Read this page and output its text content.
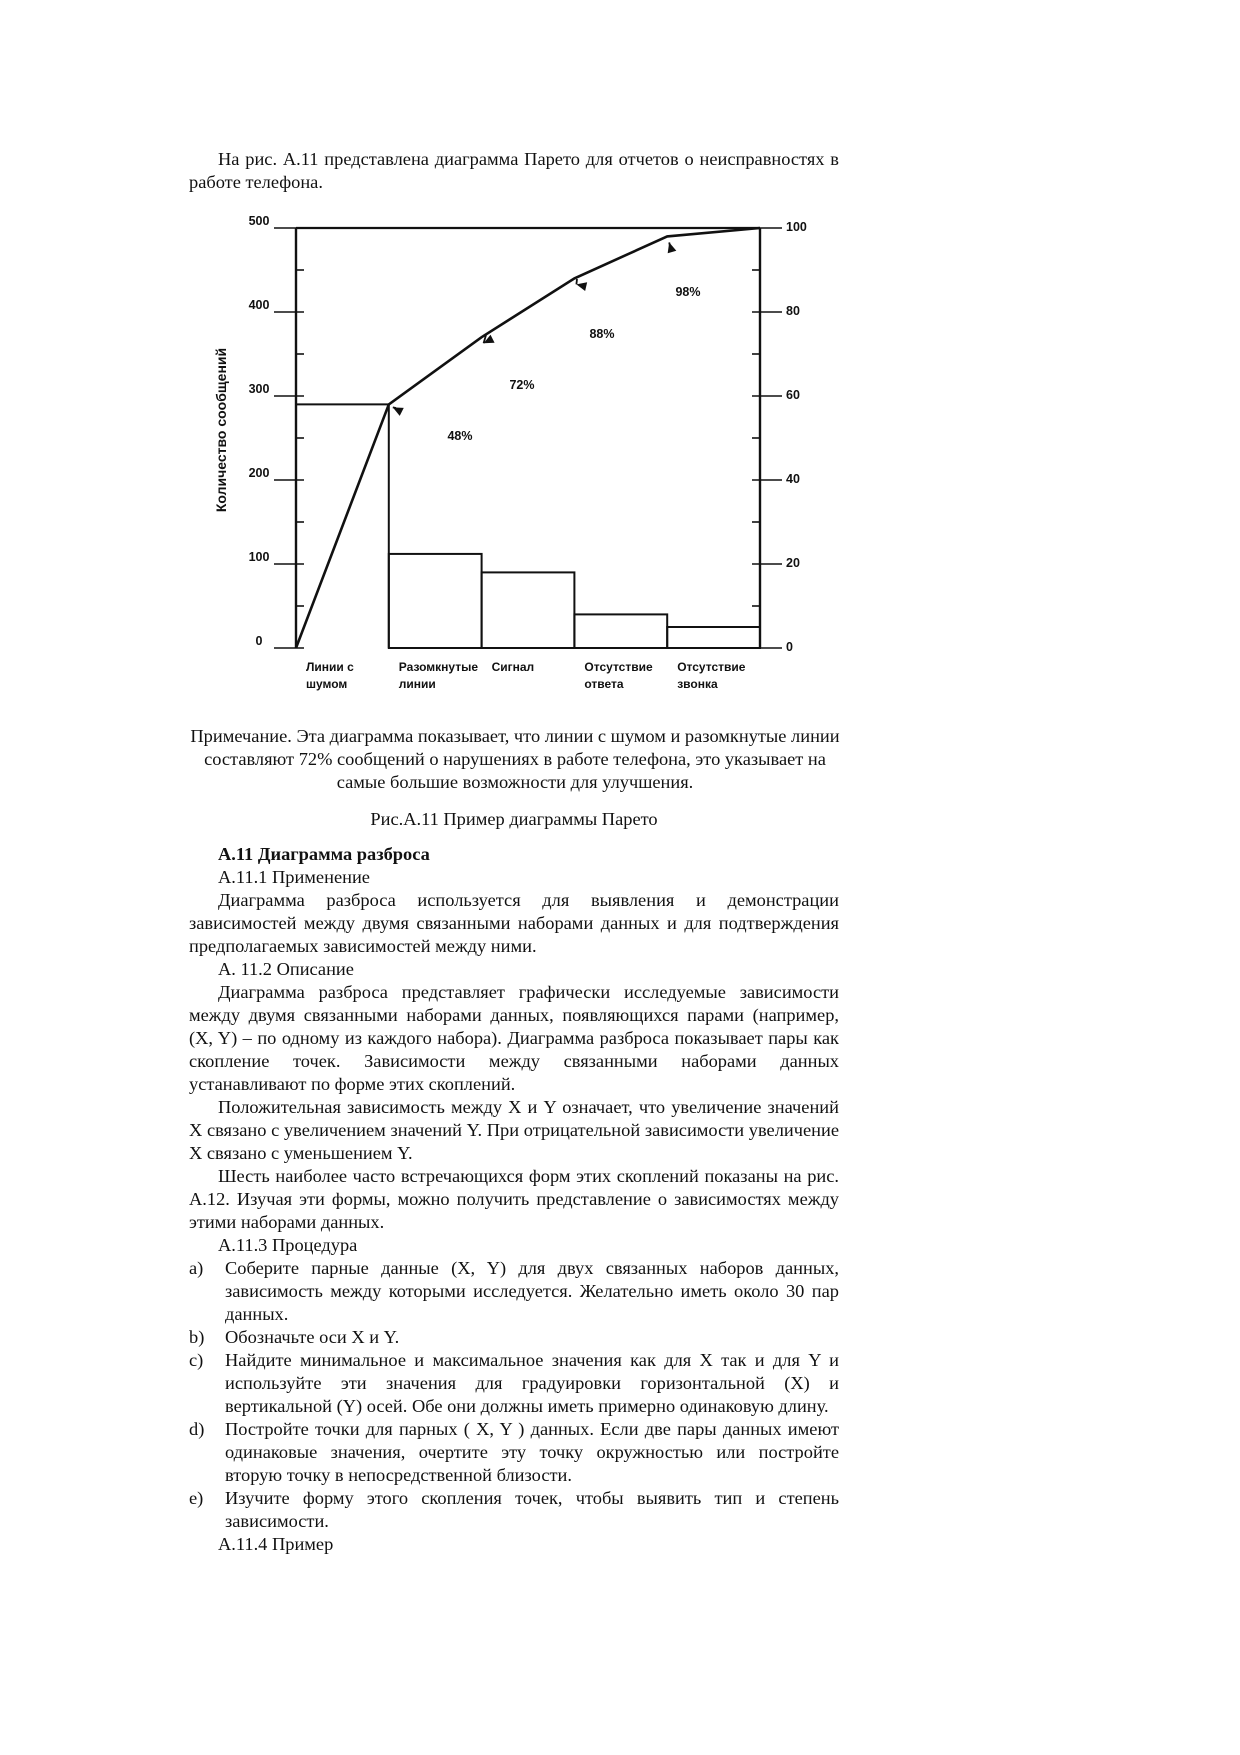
На рис. А.11 представлена диаграмма Парето для отчетов о неисправностях в работе телефона.
0
100
200
300
400
500
0
20
40
60
80
100
Количество сообщений	48%
72%
88%
98%
Линии с
шумом
Разомкнутые
линии
Сигнал	Отсутствие
ответа
Отсутствие
звонка
Примечание. Эта диаграмма показывает, что линии с шумом и разомкнутые линии составляют 72% сообщений о нарушениях в работе телефона, это указывает на самые большие возможности для улучшения.
Рис.А.11 Пример диаграммы Парето

А.11 Диаграмма разброса

А.11.1 Применение

Диаграмма разброса используется для выявления и демонстрации зависимостей между двумя связанными наборами данных и для подтверждения предполагаемых зависимостей между ними.

А. 11.2 Описание

Диаграмма разброса представляет графически исследуемые зависимости между двумя связанными наборами данных, появляющихся парами (например, (X, Y) – по одному из каждого набора). Диаграмма разброса показывает пары как скопление точек. Зависимости между связанными наборами данных устанавливают по форме этих скоплений.

Положительная зависимость между X и Y означает, что увеличение значений X связано с увеличением значений Y. При отрицательной зависимости увеличение X связано с уменьшением Y.

Шесть наиболее часто встречающихся форм этих скоплений показаны на рис. А.12. Изучая эти формы, можно получить представление о зависимостях между этими наборами данных.

А.11.3 Процедура

a)	Соберите парные данные (X, Y) для двух связанных наборов данных, зависимость между которыми исследуется. Желательно иметь около 30 пар данных.
b)	Обозначьте оси X и Y.
c)	Найдите минимальное и максимальное значения как для X так и для Y и используйте эти значения для градуировки горизонтальной (X) и вертикальной (Y) осей. Обе они должны иметь примерно одинаковую длину.
d)	Постройте точки для парных ( X, Y ) данных. Если две пары данных имеют одинаковые значения, очертите эту точку окружностью или постройте вторую точку в непосредственной близости.
e)	Изучите форму этого скопления точек, чтобы выявить тип и степень зависимости.

А.11.4 Пример
